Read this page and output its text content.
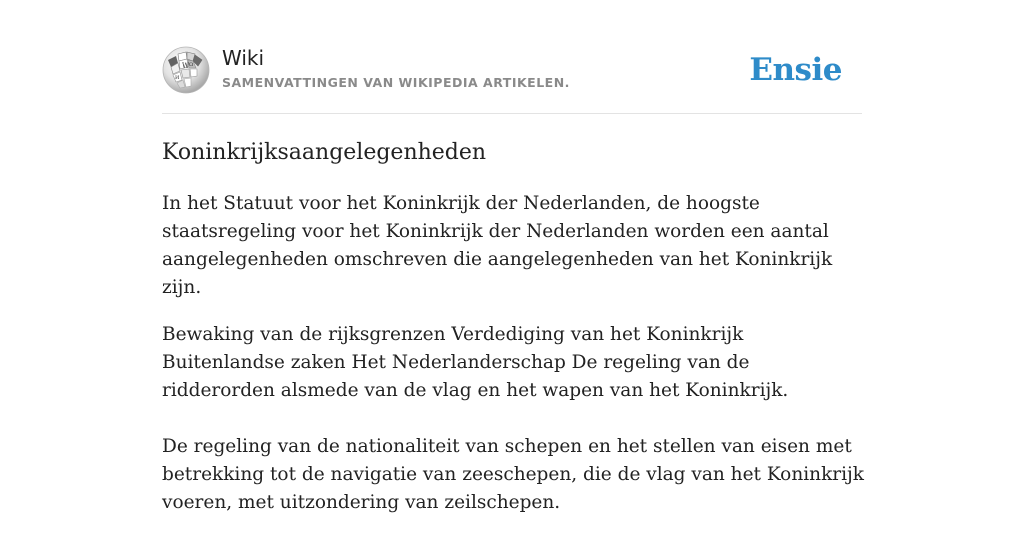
W Ω
И
Wiki
SAMENVATTINGEN VAN WIKIPEDIA ARTIKELEN.	Ensie
Koninkrijksaangelegenheden

In het Statuut voor het Koninkrijk der Nederlanden, de hoogste staatsregeling voor het Koninkrijk der Nederlanden worden een aantal aangelegenheden omschreven die aangelegenheden van het Koninkrijk zijn.

Bewaking van de rijksgrenzen Verdediging van het Koninkrijk Buitenlandse zaken Het Nederlanderschap De regeling van de ridderorden alsmede van de vlag en het wapen van het Koninkrijk.

De regeling van de nationaliteit van schepen en het stellen van eisen met betrekking tot de navigatie van zeeschepen, die de vlag van het Koninkrijk voeren, met uitzondering van zeilschepen.
